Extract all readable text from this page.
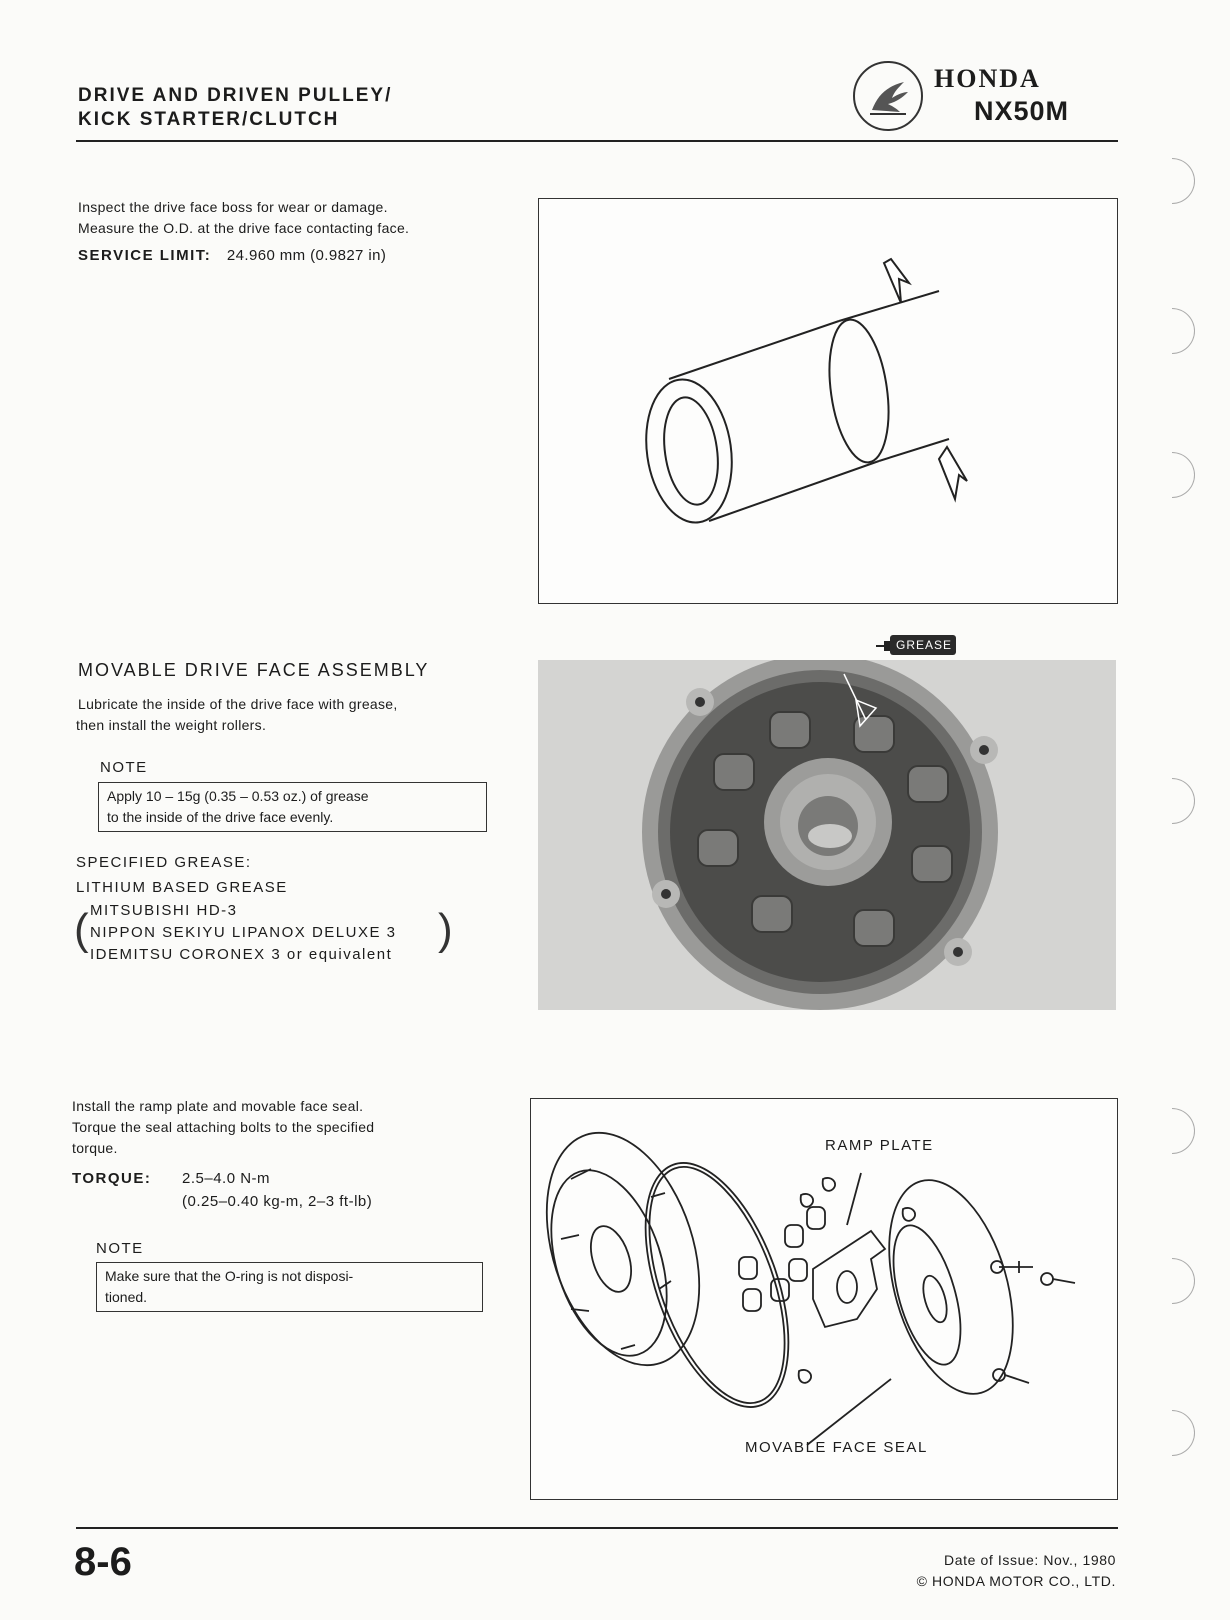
DRIVE AND DRIVEN PULLEY/
KICK STARTER/CLUTCH
HONDA
NX50M
Inspect the drive face boss for wear or damage.
Measure the O.D. at the drive face contacting face.
SERVICE LIMIT: 24.960 mm (0.9827 in)
MOVABLE DRIVE FACE ASSEMBLY
Lubricate the inside of the drive face with grease,
then install the weight rollers.
NOTE
Apply 10 – 15g (0.35 – 0.53 oz.) of grease
to the inside of the drive face evenly.
SPECIFIED GREASE:
LITHIUM BASED GREASE
( MITSUBISHI HD-3
NIPPON SEKIYU LIPANOX DELUXE 3
IDEMITSU CORONEX 3 or equivalent
)
GREASE
Install the ramp plate and movable face seal.
Torque the seal attaching bolts to the specified
torque.
TORQUE: 2.5–4.0 N-m
(0.25–0.40 kg-m, 2–3 ft-lb)
NOTE
Make sure that the O-ring is not disposi-
tioned.
RAMP PLATE
MOVABLE FACE SEAL
8-6	Date of Issue: Nov., 1980
© HONDA MOTOR CO., LTD.
